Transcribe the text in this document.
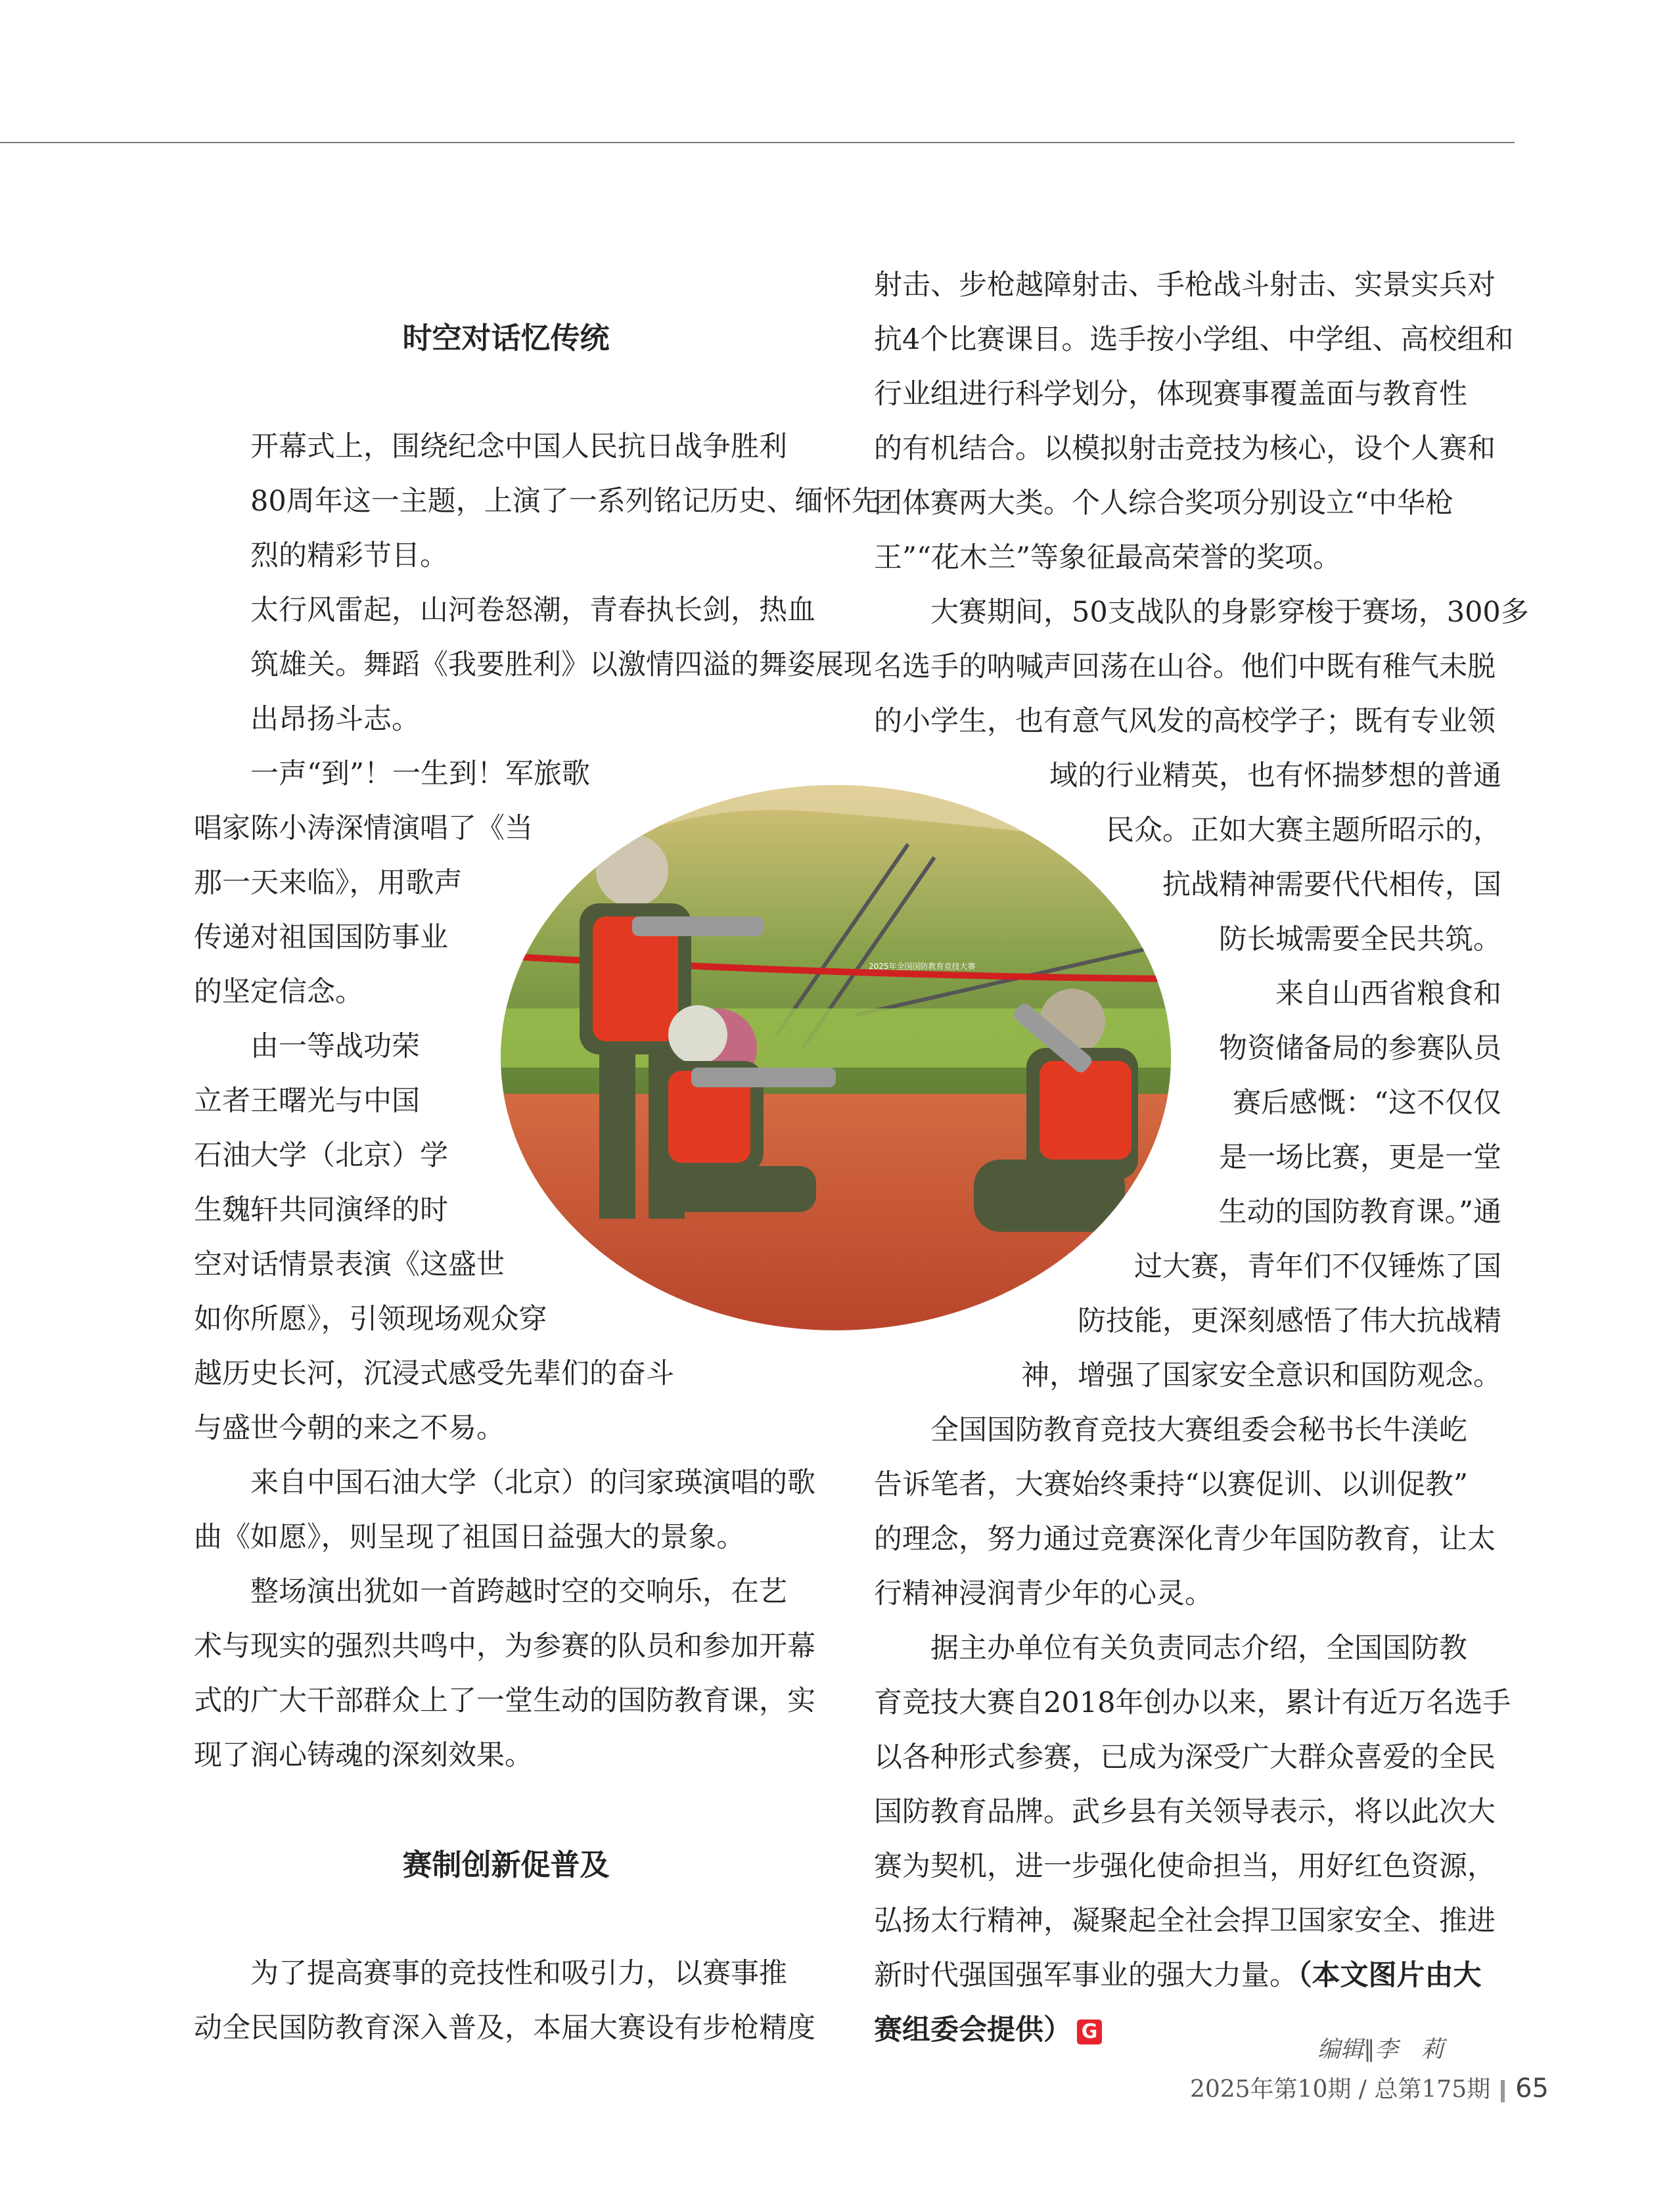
时空对话忆传统

开幕式上，围绕纪念中国人民抗日战争胜利
80周年这一主题，上演了一系列铭记历史、缅怀先
烈的精彩节目。

太行风雷起，山河卷怒潮，青春执长剑，热血
筑雄关。舞蹈《我要胜利》以激情四溢的舞姿展现
出昂扬斗志。

一声“到”！一生到！军旅歌
唱家陈小涛深情演唱了《当
那一天来临》，用歌声
传递对祖国国防事业
的坚定信念。

由一等战功荣
立者王曙光与中国
石油大学（北京）学
生魏轩共同演绎的时
空对话情景表演《这盛世
如你所愿》，引领现场观众穿
越历史长河，沉浸式感受先辈们的奋斗
与盛世今朝的来之不易。

来自中国石油大学（北京）的闫家瑛演唱的歌
曲《如愿》，则呈现了祖国日益强大的景象。

整场演出犹如一首跨越时空的交响乐，在艺
术与现实的强烈共鸣中，为参赛的队员和参加开幕
式的广大干部群众上了一堂生动的国防教育课，实
现了润心铸魂的深刻效果。

赛制创新促普及

为了提高赛事的竞技性和吸引力，以赛事推
动全民国防教育深入普及，本届大赛设有步枪精度

射击、步枪越障射击、手枪战斗射击、实景实兵对
抗4个比赛课目。选手按小学组、中学组、高校组和
行业组进行科学划分，体现赛事覆盖面与教育性
的有机结合。以模拟射击竞技为核心，设个人赛和
团体赛两大类。个人综合奖项分别设立“中华枪
王”“花木兰”等象征最高荣誉的奖项。

大赛期间，50支战队的身影穿梭于赛场，300多
名选手的呐喊声回荡在山谷。他们中既有稚气未脱
的小学生，也有意气风发的高校学子；既有专业领
域的行业精英，也有怀揣梦想的普通
民众。正如大赛主题所昭示的，
抗战精神需要代代相传，国
防长城需要全民共筑。

来自山西省粮食和
物资储备局的参赛队员
赛后感慨：“这不仅仅
是一场比赛，更是一堂
生动的国防教育课。”通
过大赛，青年们不仅锤炼了国
防技能，更深刻感悟了伟大抗战精
神，增强了国家安全意识和国防观念。

全国国防教育竞技大赛组委会秘书长牛渼屹
告诉笔者，大赛始终秉持“以赛促训、以训促教”
的理念，努力通过竞赛深化青少年国防教育，让太
行精神浸润青少年的心灵。

据主办单位有关负责同志介绍，全国国防教
育竞技大赛自2018年创办以来，累计有近万名选手
以各种形式参赛，已成为深受广大群众喜爱的全民
国防教育品牌。武乡县有关领导表示，将以此次大
赛为契机，进一步强化使命担当，用好红色资源，
弘扬太行精神，凝聚起全社会捍卫国家安全、推进
新时代强国强军事业的强大力量。（本文图片由大
赛组委会提供） G

2025年全国国防教育竞技大赛
编辑∥李　莉
2025年第10期 / 总第175期 65
